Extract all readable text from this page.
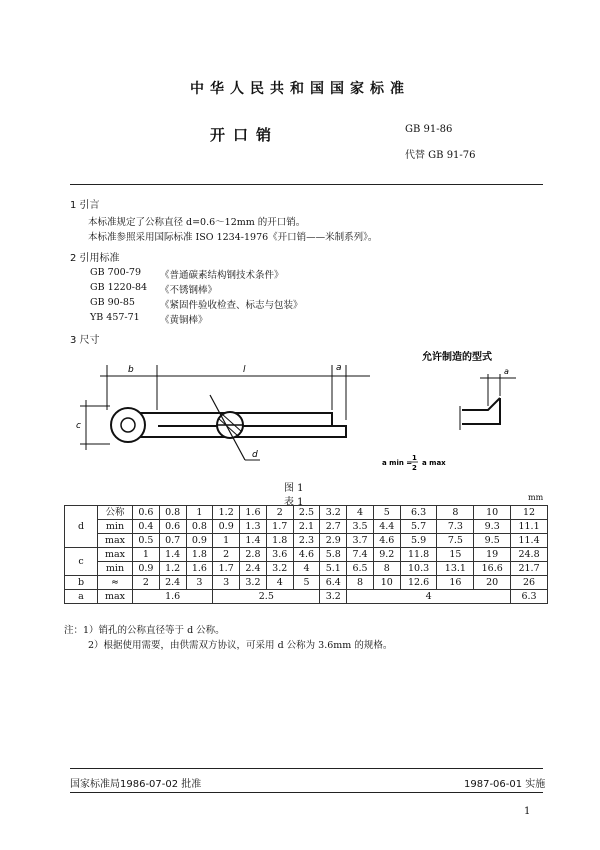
中华人民共和国国家标准
开口销	GB 91-86
代替 GB 91-76
1 引言
本标准规定了公称直径 d=0.6～12mm 的开口销。
本标准参照采用国际标准 ISO 1234-1976《开口销——米制系列》。
2 引用标准
GB 700-79 《普通碳素结构钢技术条件》
GB 1220-84 《不锈钢棒》
GB 90-85	《紧固件验收检查、标志与包装》
YB 457-71 《黄铜棒》
3 尺寸
d
b	l	a
c
允许制造的型式
a
a min =
1
2
a max
图 1
表 1	mm
d	公称	0.6	0.8	1	1.2	1.6	2	2.5	3.2	4	5	6.3	8	10	12
	min	0.4	0.6	0.8	0.9	1.3	1.7	2.1	2.7	3.5	4.4	5.7	7.3	9.3	11.1
	max	0.5	0.7	0.9	1	1.4	1.8	2.3	2.9	3.7	4.6	5.9	7.5	9.5	11.4
c	max	1	1.4	1.8	2	2.8	3.6	4.6	5.8	7.4	9.2	11.8	15	19	24.8
	min	0.9	1.2	1.6	1.7	2.4	3.2	4	5.1	6.5	8	10.3	13.1	16.6	21.7
b	≈	2	2.4	3	3	3.2	4	5	6.4	8	10	12.6	16	20	26
a	max	1.6			2.5				3.2	4					6.3
注：1）销孔的公称直径等于 d 公称。
2）根据使用需要，由供需双方协议，可采用 d 公称为 3.6mm 的规格。
国家标准局1986-07-02 批准	1987-06-01 实施
1
